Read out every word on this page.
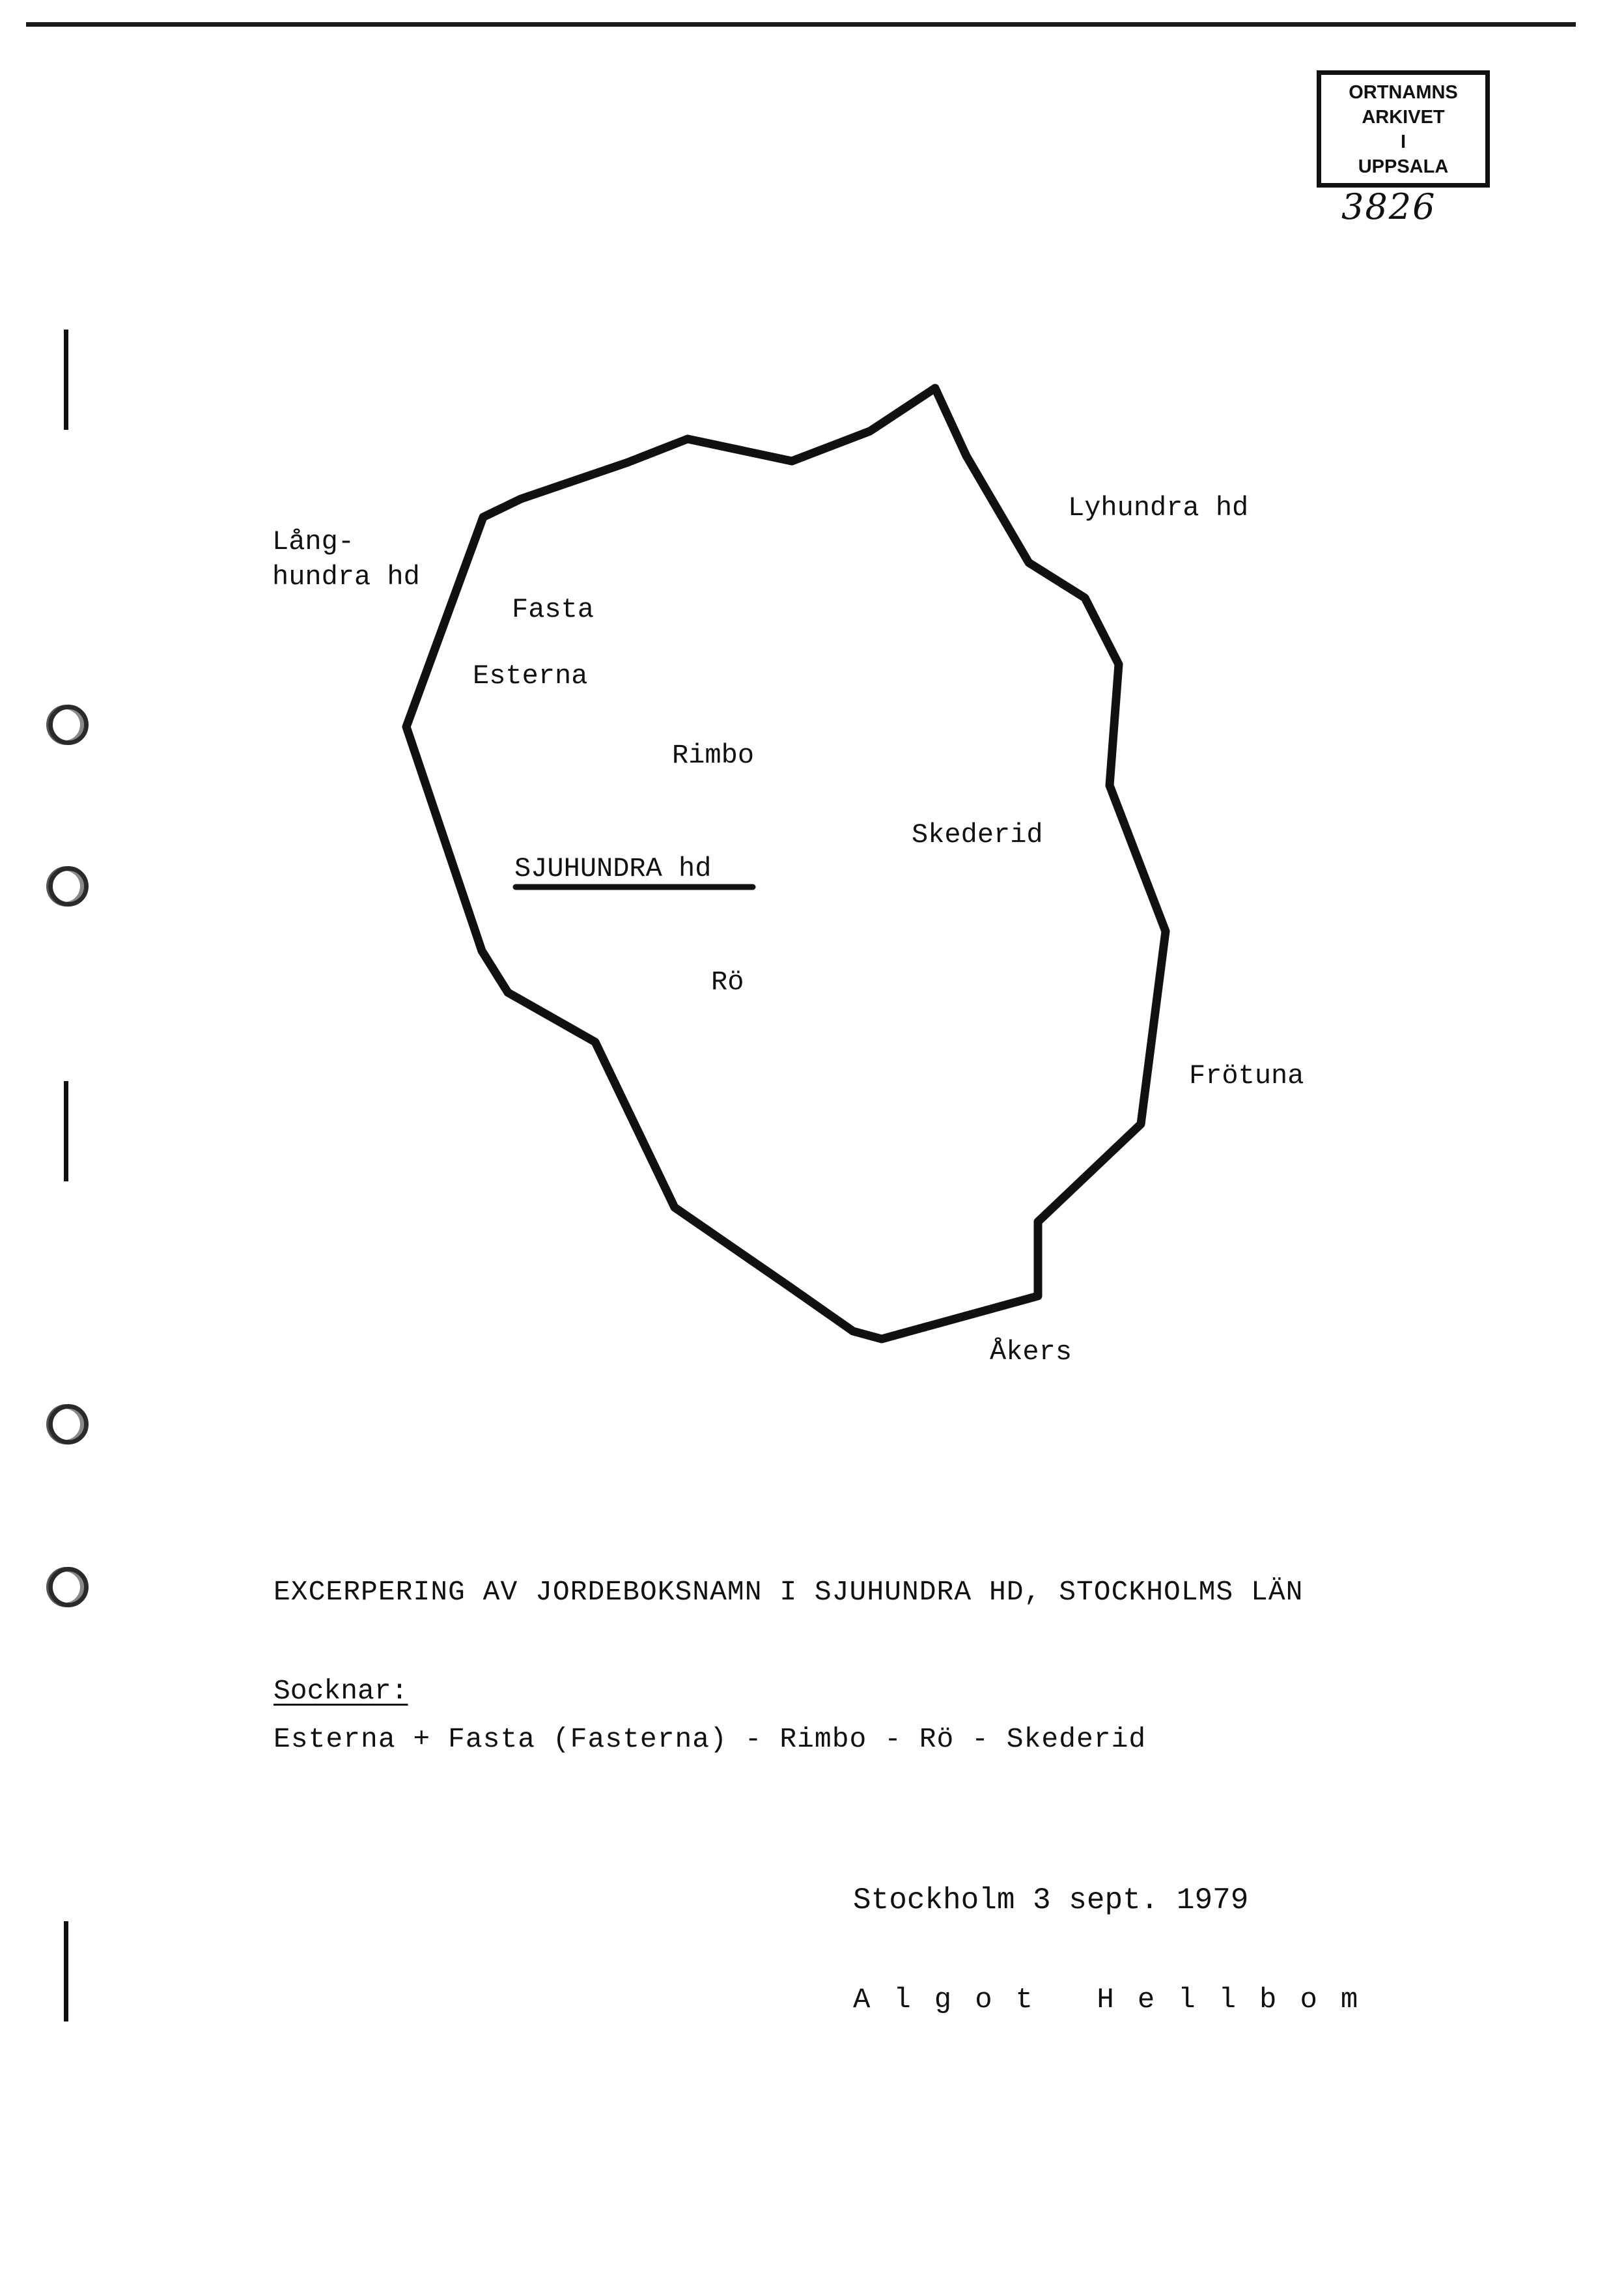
ORTNAMNS
ARKIVET
I
UPPSALA
3826
Lång-
hundra hd
Lyhundra hd
Frötuna
Åkers
Fasta
Esterna
Rimbo
Skederid
Rö
SJUHUNDRA hd
EXCERPERING AV JORDEBOKSNAMN I SJUHUNDRA HD, STOCKHOLMS LÄN
Socknar:
Esterna + Fasta (Fasterna) - Rimbo - Rö - Skederid
Stockholm 3 sept. 1979
Algot Hellbom
